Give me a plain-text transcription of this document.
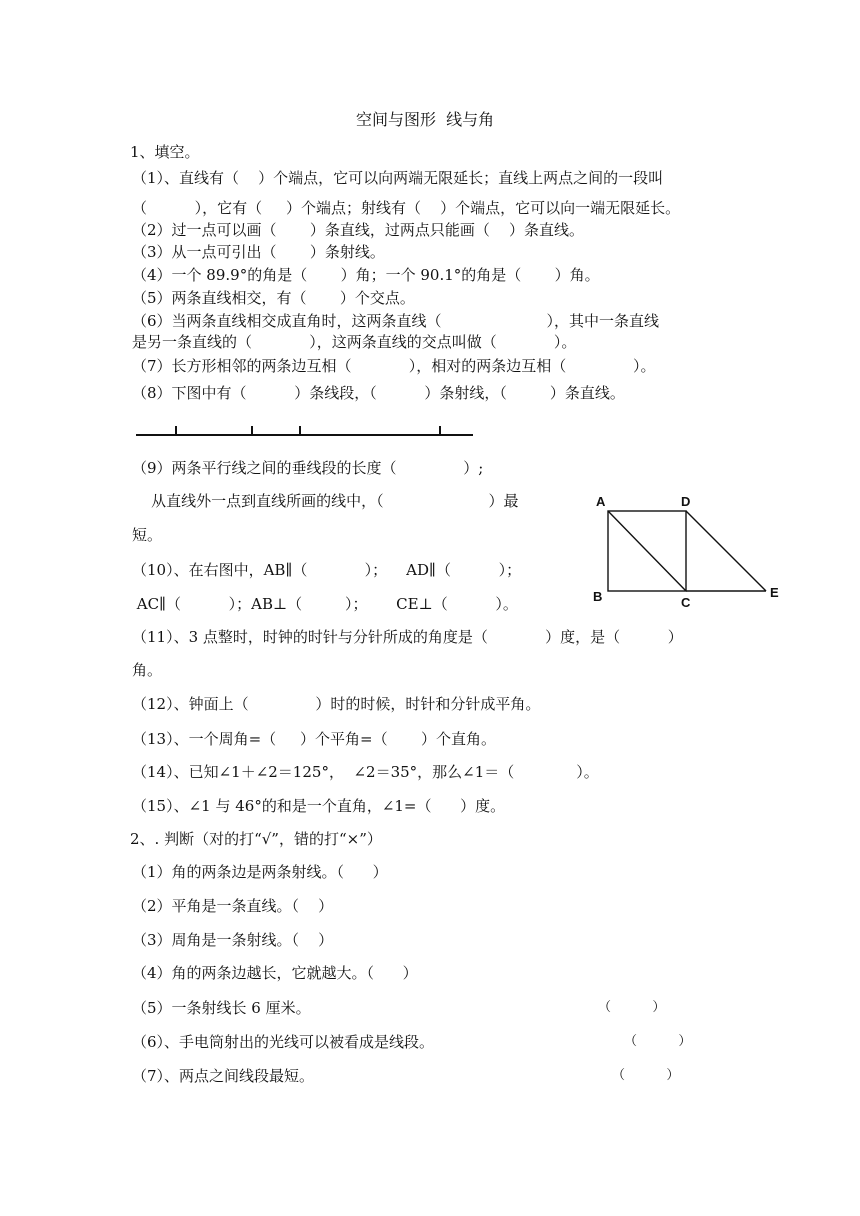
空间与图形  线与角
1、填空。
（1）、直线有（    ）个端点，它可以向两端无限延长；直线上两点之间的一段叫
（          ），它有（     ）个端点；射线有（    ）个端点，它可以向一端无限延长。
（2）过一点可以画（       ）条直线，过两点只能画（    ）条直线。
（3）从一点可引出（       ）条射线。
（4）一个 89.9°的角是（       ）角；一个 90.1°的角是（       ）角。
（5）两条直线相交，有（       ）个交点。
（6）当两条直线相交成直角时，这两条直线（                      ），其中一条直线
是另一条直线的（            ），这两条直线的交点叫做（            ）。
（7）长方形相邻的两条边互相（            ），相对的两条边互相（              ）。
（8）下图中有（          ）条线段，（          ）条射线，（         ）条直线。
（9）两条平行线之间的垂线段的长度（              ）;
从直线外一点到直线所画的线中，（                      ）最
短。
（10）、在右图中，AB∥（            ）；    AD∥（          ）；
AC∥（          ）；AB⊥（         ）；      CE⊥（          ）。
A	D
B	C
E
（11）、3 点整时，时钟的时针与分针所成的角度是（            ）度，是（          ）
角。
（12）、钟面上（              ）时的时候，时针和分针成平角。
（13）、一个周角=（     ）个平角=（       ）个直角。
（14）、已知∠1＋∠2＝125°，  ∠2＝35°，那么∠1＝（             ）。
（15）、∠1 与 46°的和是一个直角，∠1=（      ）度。
2、. 判断（对的打“√”，错的打“×”）
（1）角的两条边是两条射线。（      ）
（2）平角是一条直线。（    ）
（3）周角是一条射线。（    ）
（4）角的两条边越长，它就越大。（      ）
（5）一条射线长 6 厘米。	（          ）
（6）、手电筒射出的光线可以被看成是线段。	（          ）
（7）、两点之间线段最短。	（          ）
